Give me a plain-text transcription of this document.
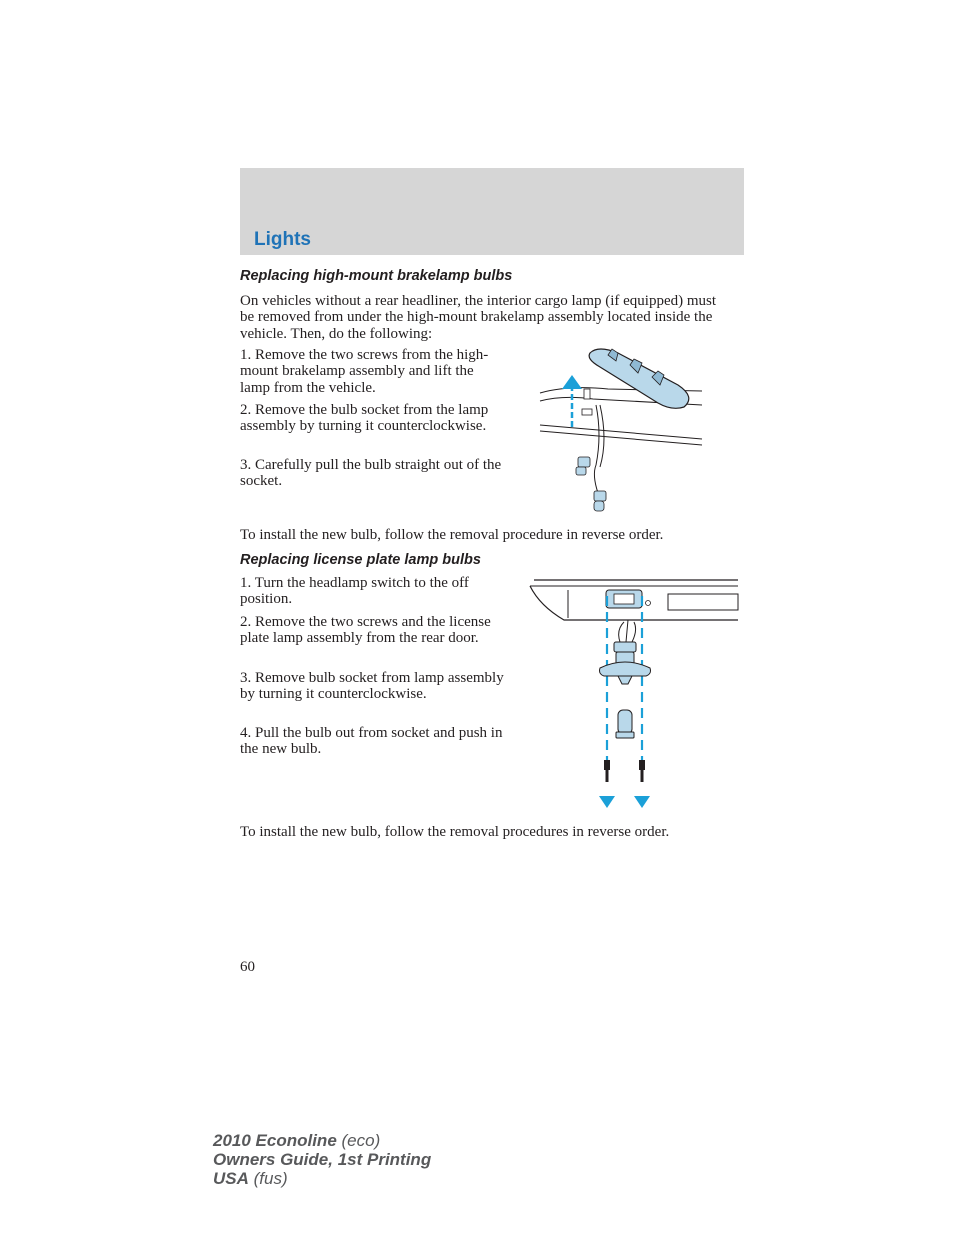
Lights
Replacing high-mount brakelamp bulbs
On vehicles without a rear headliner, the interior cargo lamp (if equipped) must be removed from under the high-mount brakelamp assembly located inside the vehicle. Then, do the following:
1. Remove the two screws from the high-mount brakelamp assembly and lift the lamp from the vehicle.
2. Remove the bulb socket from the lamp assembly by turning it counterclockwise.
3. Carefully pull the bulb straight out of the socket.
To install the new bulb, follow the removal procedure in reverse order.
Replacing license plate lamp bulbs
1. Turn the headlamp switch to the off position.
2. Remove the two screws and the license plate lamp assembly from the rear door.
3. Remove bulb socket from lamp assembly by turning it counterclockwise.
4. Pull the bulb out from socket and push in the new bulb.
To install the new bulb, follow the removal procedures in reverse order.
60
2010 Econoline (eco)
Owners Guide, 1st Printing
USA (fus)
